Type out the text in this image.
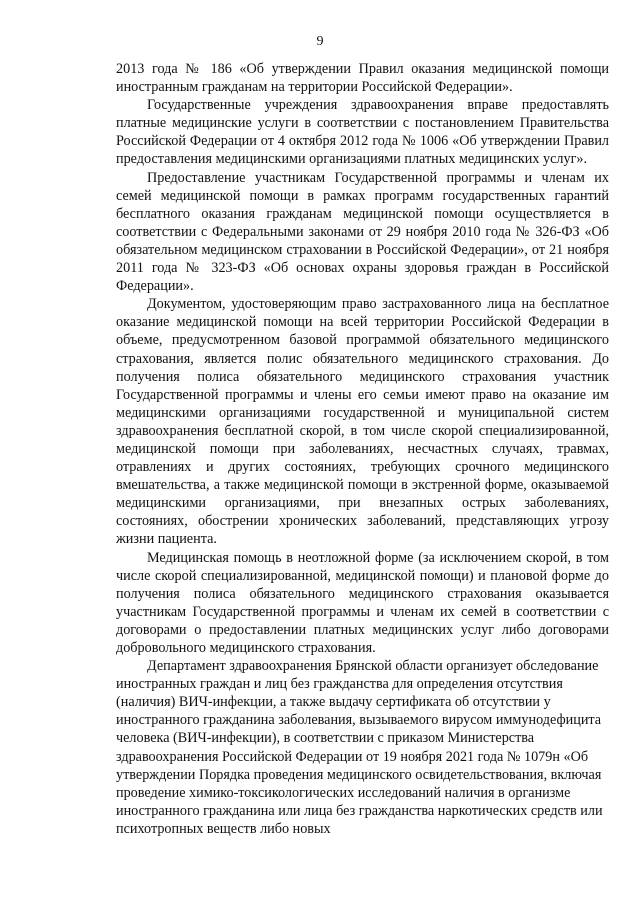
9

2013 года № 186 «Об утверждении Правил оказания медицинской помощи иностранным гражданам на территории Российской Федерации».

Государственные учреждения здравоохранения вправе предоставлять платные медицинские услуги в соответствии с постановлением Правительства Российской Федерации от 4 октября 2012 года № 1006 «Об утверждении Правил предоставления медицинскими организациями платных медицинских услуг».

Предоставление участникам Государственной программы и членам их семей медицинской помощи в рамках программ государственных гарантий бесплатного оказания гражданам медицинской помощи осуществляется в соответствии с Федеральными законами от 29 ноября 2010 года № 326-ФЗ «Об обязательном медицинском страховании в Российской Федерации», от 21 ноября 2011 года № 323-ФЗ «Об основах охраны здоровья граждан в Российской Федерации».

Документом, удостоверяющим право застрахованного лица на бесплатное оказание медицинской помощи на всей территории Российской Федерации в объеме, предусмотренном базовой программой обязательного медицинского страхования, является полис обязательного медицинского страхования. До получения полиса обязательного медицинского страхования участник Государственной программы и члены его семьи имеют право на оказание им медицинскими организациями государственной и муниципальной систем здравоохранения бесплатной скорой, в том числе скорой специализированной, медицинской помощи при заболеваниях, несчастных случаях, травмах, отравлениях и других состояниях, требующих срочного медицинского вмешательства, а также медицинской помощи в экстренной форме, оказываемой медицинскими организациями, при внезапных острых заболеваниях, состояниях, обострении хронических заболеваний, представляющих угрозу жизни пациента.

Медицинская помощь в неотложной форме (за исключением скорой, в том числе скорой специализированной, медицинской помощи) и плановой форме до получения полиса обязательного медицинского страхования оказывается участникам Государственной программы и членам их семей в соответствии с договорами о предоставлении платных медицинских услуг либо договорами добровольного медицинского страхования.

Департамент здравоохранения Брянской области организует обследование иностранных граждан и лиц без гражданства для определения отсутствия (наличия) ВИЧ-инфекции, а также выдачу сертификата об отсутствии у иностранного гражданина заболевания, вызываемого вирусом иммунодефицита человека (ВИЧ-инфекции), в соответствии с приказом Министерства здравоохранения Российской Федерации от 19 ноября 2021 года № 1079н «Об утверждении Порядка проведения медицинского освидетельствования, включая проведение химико-токсикологических исследований наличия в организме иностранного гражданина или лица без гражданства наркотических средств или психотропных веществ либо новых
